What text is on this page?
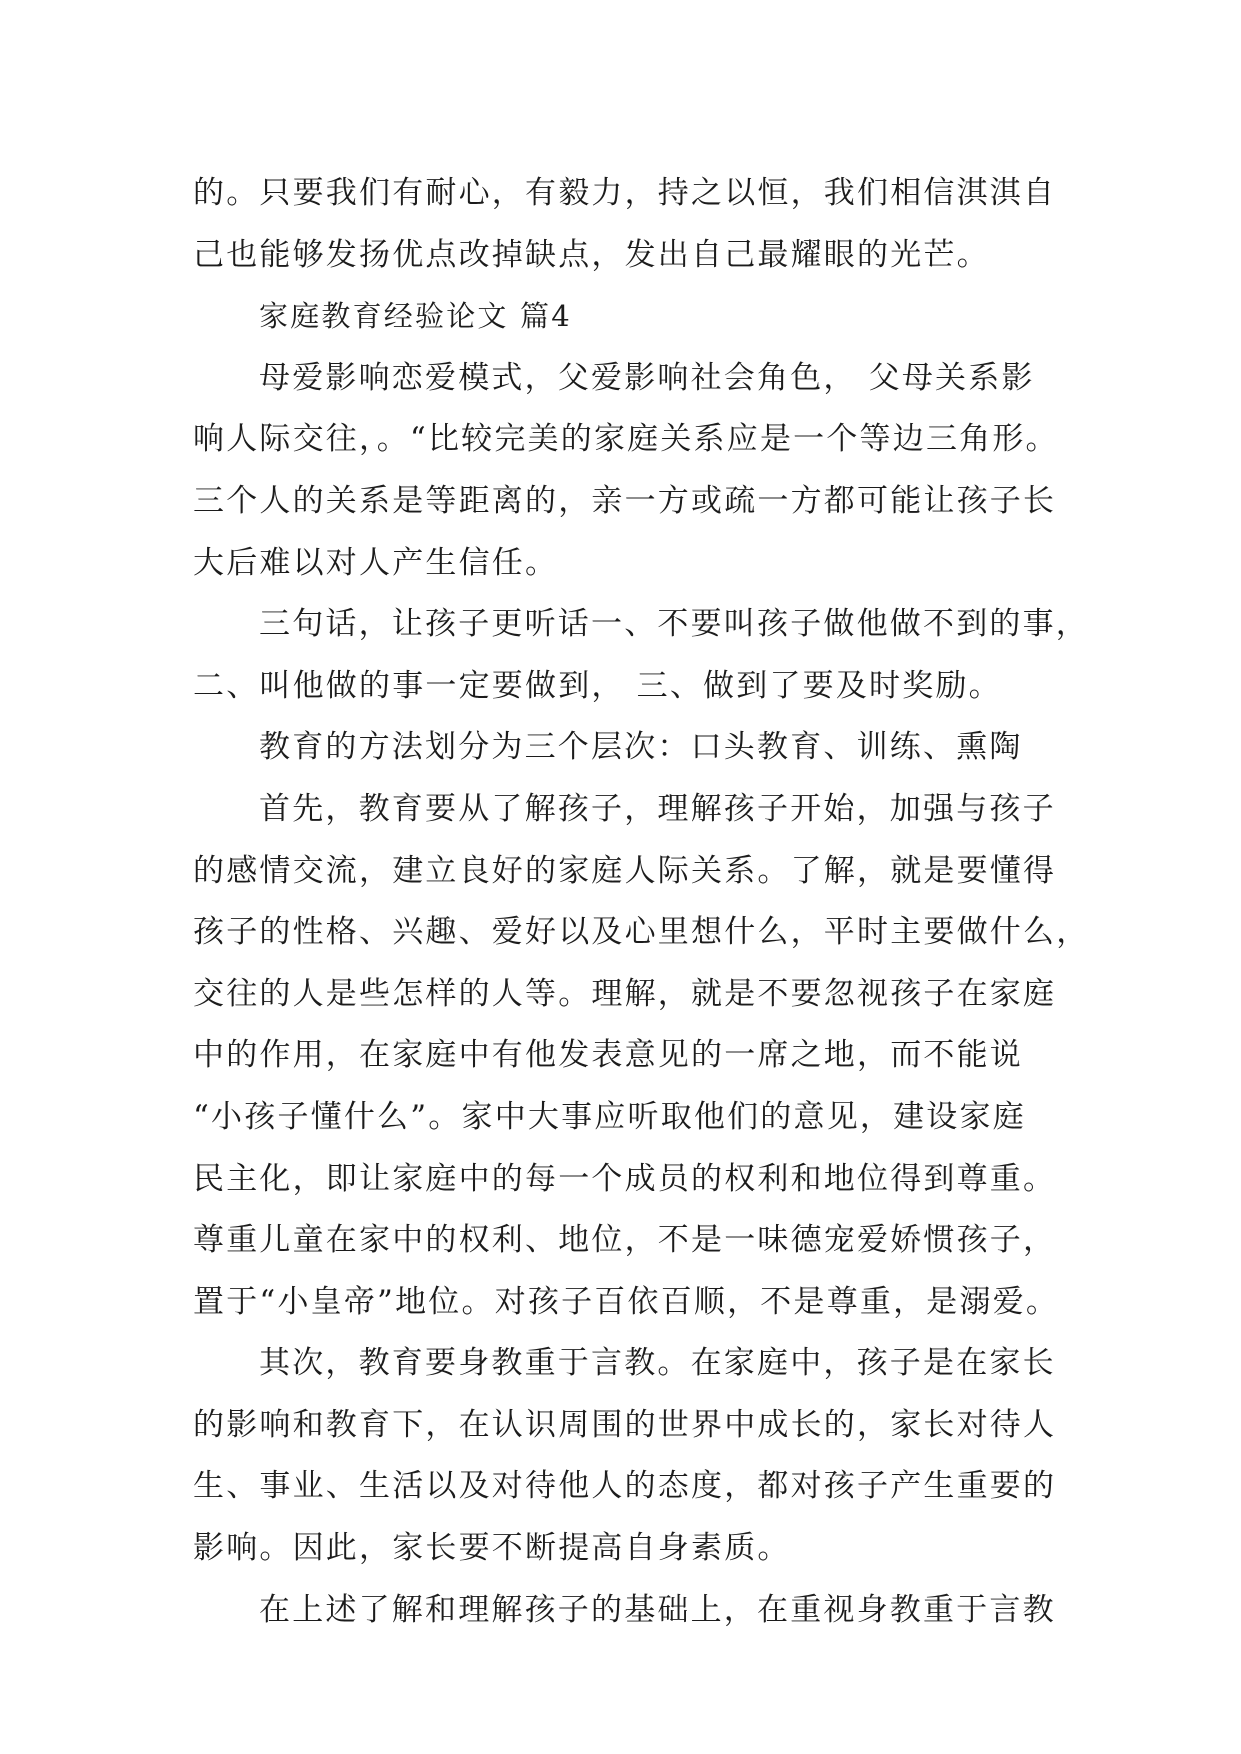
的。只要我们有耐心，有毅力，持之以恒，我们相信淇淇自
己也能够发扬优点改掉缺点，发出自己最耀眼的光芒。
家庭教育经验论文 篇4
母爱影响恋爱模式，父爱影响社会角色， 父母关系影
响人际交往，。“比较完美的家庭关系应是一个等边三角形。
三个人的关系是等距离的，亲一方或疏一方都可能让孩子长
大后难以对人产生信任。
三句话，让孩子更听话一、不要叫孩子做他做不到的事，
二、叫他做的事一定要做到， 三、做到了要及时奖励。
教育的方法划分为三个层次：口头教育、训练、熏陶
首先，教育要从了解孩子，理解孩子开始，加强与孩子
的感情交流，建立良好的家庭人际关系。了解，就是要懂得
孩子的性格、兴趣、爱好以及心里想什么，平时主要做什么，
交往的人是些怎样的人等。理解，就是不要忽视孩子在家庭
中的作用，在家庭中有他发表意见的一席之地，而不能说
“小孩子懂什么”。家中大事应听取他们的意见，建设家庭
民主化，即让家庭中的每一个成员的权利和地位得到尊重。
尊重儿童在家中的权利、地位，不是一味德宠爱娇惯孩子，
置于“小皇帝”地位。对孩子百依百顺，不是尊重，是溺爱。
其次，教育要身教重于言教。在家庭中，孩子是在家长
的影响和教育下，在认识周围的世界中成长的，家长对待人
生、事业、生活以及对待他人的态度，都对孩子产生重要的
影响。因此，家长要不断提高自身素质。
在上述了解和理解孩子的基础上，在重视身教重于言教
